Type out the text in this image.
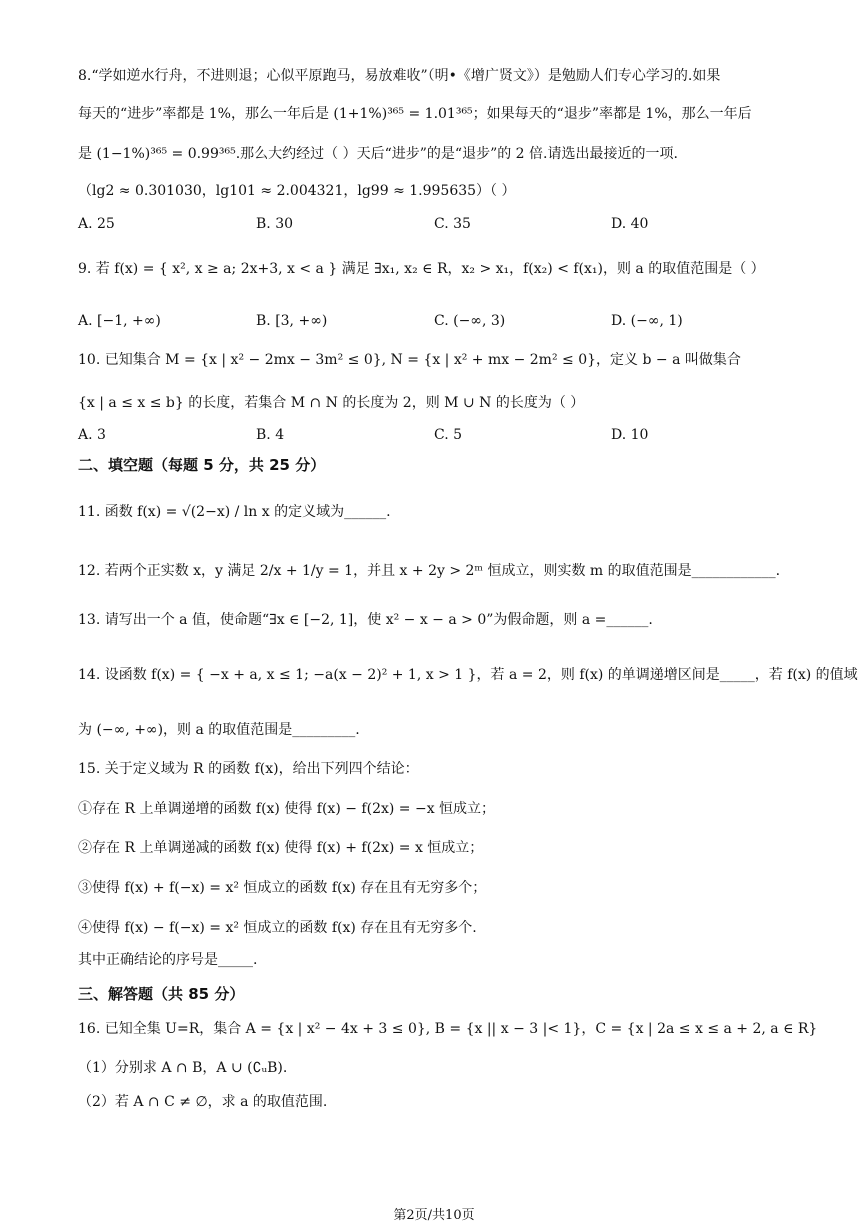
8.“学如逆水行舟，不进则退；心似平原跑马，易放难收”（明•《增广贤文》）是勉励人们专心学习的.如果
每天的“进步”率都是 1%，那么一年后是 (1+1%)³⁶⁵ = 1.01³⁶⁵；如果每天的“退步”率都是 1%，那么一年后
是 (1−1%)³⁶⁵ = 0.99³⁶⁵.那么大约经过（ ）天后“进步”的是“退步”的 2 倍.请选出最接近的一项.
（lg2 ≈ 0.301030，lg101 ≈ 2.004321，lg99 ≈ 1.995635）（ ）
A. 25	B. 30	C. 35	D. 40
9. 若 f(x) = { x², x ≥ a; 2x+3, x < a } 满足 ∃x₁, x₂ ∈ R，x₂ > x₁，f(x₂) < f(x₁)，则 a 的取值范围是（ ）
A. [−1, +∞)	B. [3, +∞)	C. (−∞, 3)	D. (−∞, 1)
10. 已知集合 M = {x | x² − 2mx − 3m² ≤ 0}, N = {x | x² + mx − 2m² ≤ 0}，定义 b − a 叫做集合
{x | a ≤ x ≤ b} 的长度，若集合 M ∩ N 的长度为 2，则 M ∪ N 的长度为（ ）
A. 3	B. 4	C. 5	D. 10
二、填空题（每题 5 分，共 25 分）
11. 函数 f(x) = √(2−x) / ln x 的定义域为______.
12. 若两个正实数 x，y 满足 2/x + 1/y = 1，并且 x + 2y > 2ᵐ 恒成立，则实数 m 的取值范围是____________.
13. 请写出一个 a 值，使命题“∃x ∈ [−2, 1]，使 x² − x − a > 0”为假命题，则 a =______.
14. 设函数 f(x) = { −x + a, x ≤ 1; −a(x − 2)² + 1, x > 1 }，若 a = 2，则 f(x) 的单调递增区间是_____，若 f(x) 的值域
为 (−∞, +∞)，则 a 的取值范围是_________.
15. 关于定义域为 R 的函数 f(x)，给出下列四个结论：
①存在 R 上单调递增的函数 f(x) 使得 f(x) − f(2x) = −x 恒成立；
②存在 R 上单调递减的函数 f(x) 使得 f(x) + f(2x) = x 恒成立；
③使得 f(x) + f(−x) = x² 恒成立的函数 f(x) 存在且有无穷多个；
④使得 f(x) − f(−x) = x² 恒成立的函数 f(x) 存在且有无穷多个.
其中正确结论的序号是_____.
三、解答题（共 85 分）
16. 已知全集 U=R，集合 A = {x | x² − 4x + 3 ≤ 0}, B = {x || x − 3 |< 1}，C = {x | 2a ≤ x ≤ a + 2, a ∈ R}
（1）分别求 A ∩ B，A ∪ (∁ᵤB).
（2）若 A ∩ C ≠ ∅，求 a 的取值范围.
第2页/共10页
